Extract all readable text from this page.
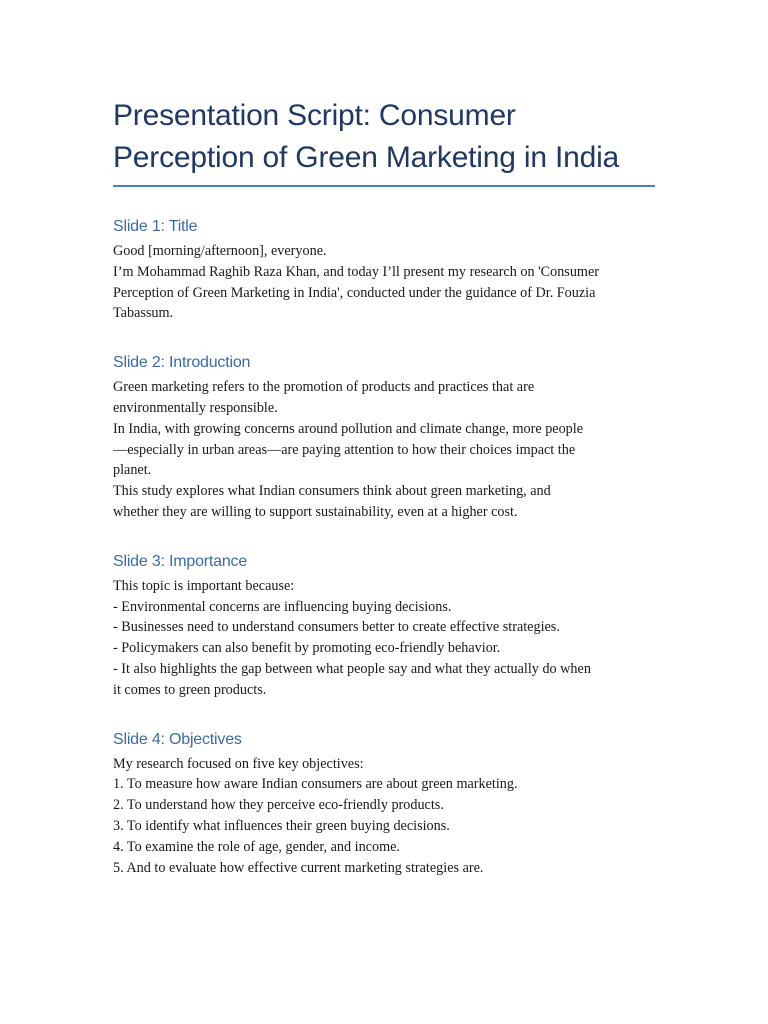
Presentation Script: Consumer
Perception of Green Marketing in India
Slide 1: Title

Good [morning/afternoon], everyone.

I’m Mohammad Raghib Raza Khan, and today I’ll present my research on 'Consumer

Perception of Green Marketing in India', conducted under the guidance of Dr. Fouzia

Tabassum.

Slide 2: Introduction

Green marketing refers to the promotion of products and practices that are

environmentally responsible.

In India, with growing concerns around pollution and climate change, more people

—especially in urban areas—are paying attention to how their choices impact the

planet.

This study explores what Indian consumers think about green marketing, and

whether they are willing to support sustainability, even at a higher cost.

Slide 3: Importance

This topic is important because:

- Environmental concerns are influencing buying decisions.

- Businesses need to understand consumers better to create effective strategies.

- Policymakers can also benefit by promoting eco-friendly behavior.

- It also highlights the gap between what people say and what they actually do when

it comes to green products.

Slide 4: Objectives

My research focused on five key objectives:

1. To measure how aware Indian consumers are about green marketing.

2. To understand how they perceive eco-friendly products.

3. To identify what influences their green buying decisions.

4. To examine the role of age, gender, and income.

5. And to evaluate how effective current marketing strategies are.
